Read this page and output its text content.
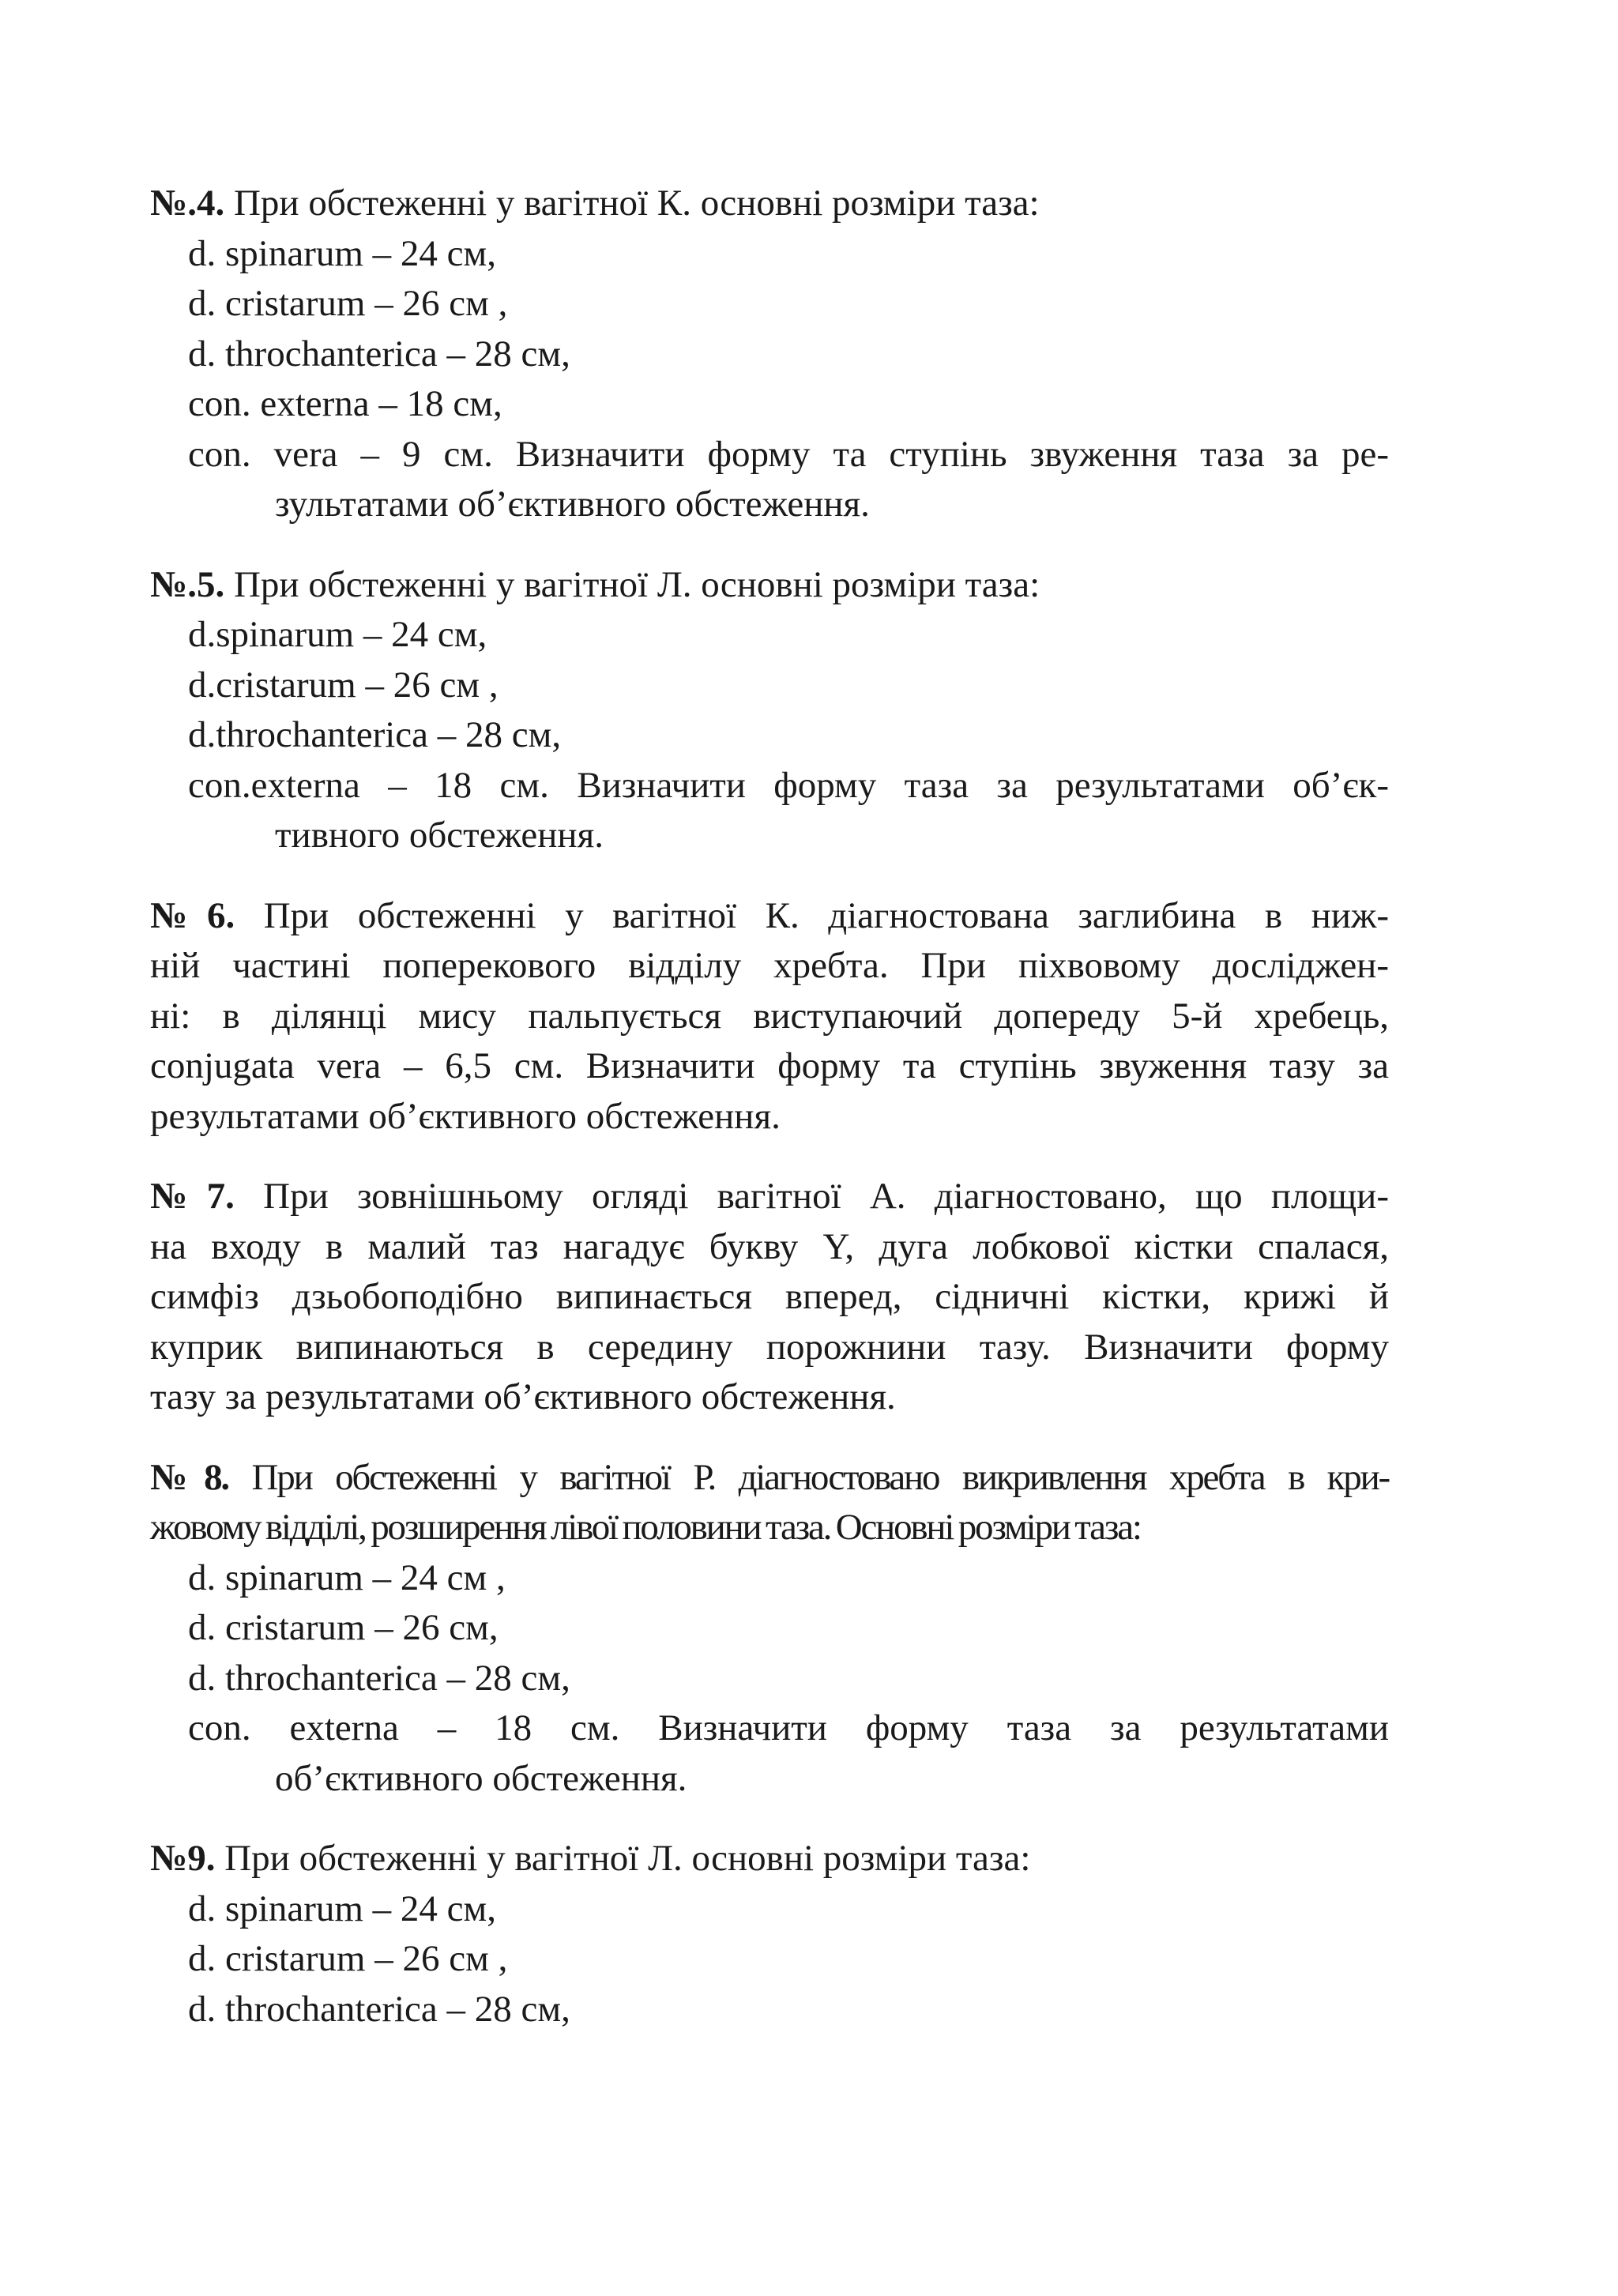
№.4. При обстеженні у вагітної К. основні розміри таза:
d. spinarum – 24 см,
d. cristarum – 26 см ,
d. throchanterica – 28 см,
con. externa – 18 см,
con. vera – 9 см. Визначити форму та ступінь звуження таза за ре-
зультатами об’єктивного обстеження.
№.5. При обстеженні у вагітної Л. основні розміри таза:
d.spinarum – 24 см,
d.cristarum – 26 см ,
d.throchanterica – 28 см,
con.externa – 18 см. Визначити форму таза за результатами об’єк-
тивного обстеження.
№6. При обстеженні у вагітної К. діагностована заглибина в ниж-
ній частині поперекового відділу хребта. При піхвовому досліджен-
ні: в ділянці мису пальпується виступаючий допереду 5-й хребець,
conjugata vera – 6,5 см. Визначити форму та ступінь звуження тазу за
результатами об’єктивного обстеження.
№7. При зовнішньому огляді вагітної А. діагностовано, що площи-
на входу в малий таз нагадує букву Y, дуга лобкової кістки спалася,
симфіз дзьобоподібно випинається вперед, сідничні кістки, крижі й
куприк випинаються в середину порожнини тазу. Визначити форму
тазу за результатами об’єктивного обстеження.
№8. При обстеженні у вагітної Р. діагностовано викривлення хребта в кри-
жовому відділі, розширення лівої половини таза. Основні розміри таза:
d. spinarum – 24 см ,
d. cristarum – 26 см,
d. throchanterica – 28 см,
con. externa – 18 см. Визначити форму таза за результатами
об’єктивного обстеження.
№9. При обстеженні у вагітної Л. основні розміри таза:
d. spinarum – 24 см,
d. cristarum – 26 см ,
d. throchanterica – 28 см,
